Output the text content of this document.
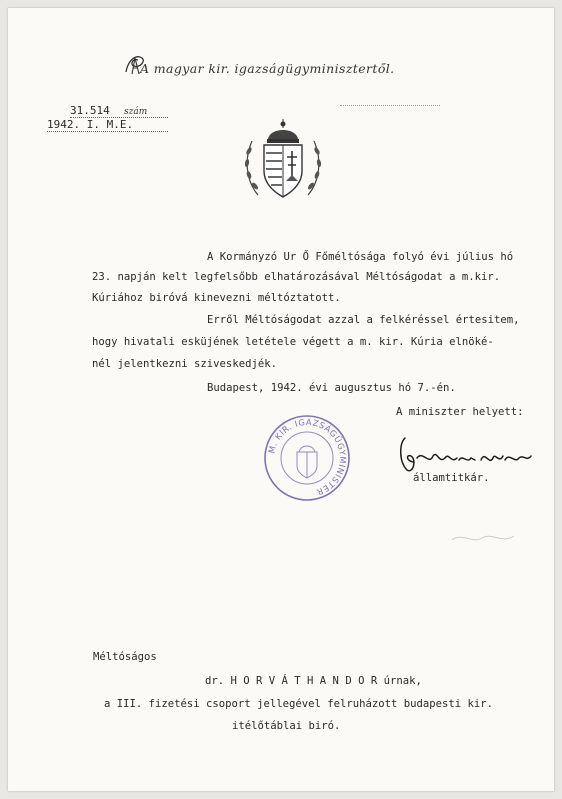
A magyar kir. igazságügyminisztertől.
31.514	szám
1942. I. M.E.
A Kormányzó Ur Ő Főméltósága folyó évi július hó
23. napján kelt legfelsőbb elhatározásával Méltóságodat a m.kir.
Kúriához biróvá kinevezni méltóztatott.
Erről Méltóságodat azzal a felkéréssel értesitem,
hogy hivatali esküjének letétele végett a m. kir. Kúria elnöké-
nél jelentkezni sziveskedjék.
Budapest, 1942. évi augusztus hó 7.-én.
A miniszter helyett:
M. KIR. IGAZSÁGÜGYMINISTER
államtitkár.
Méltóságos
dr. H O R V Á T H A N D O R úrnak,
a III. fizetési csoport jellegével felruházott budapesti kir.
itélőtáblai biró.
